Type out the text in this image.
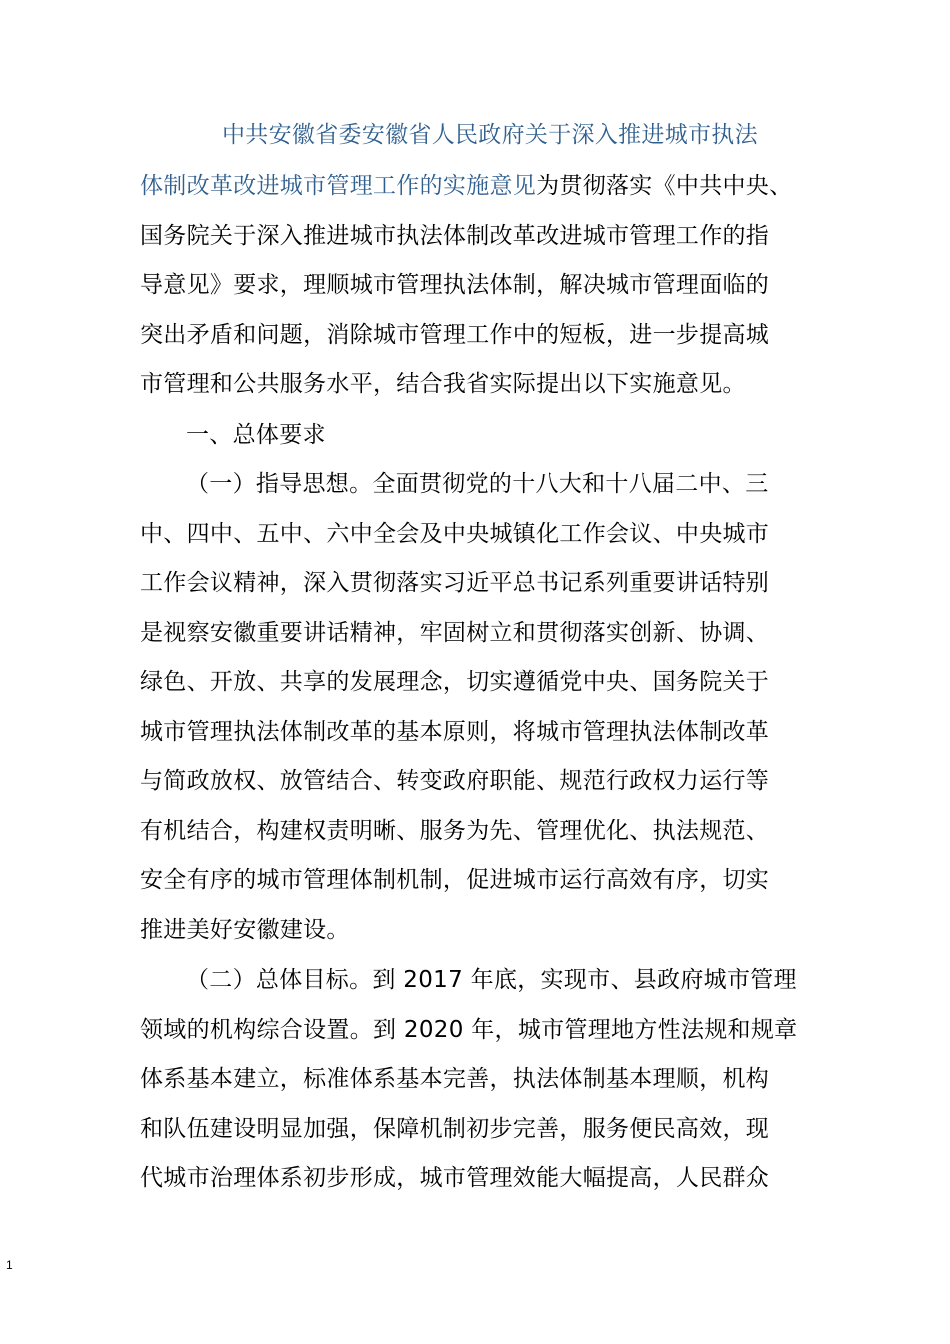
中共安徽省委安徽省人民政府关于深入推进城市执法
体制改革改进城市管理工作的实施意见为贯彻落实《中共中央、
国务院关于深入推进城市执法体制改革改进城市管理工作的指
导意见》要求，理顺城市管理执法体制，解决城市管理面临的
突出矛盾和问题，消除城市管理工作中的短板，进一步提高城
市管理和公共服务水平，结合我省实际提出以下实施意见。
一、总体要求
（一）指导思想。全面贯彻党的十八大和十八届二中、三
中、四中、五中、六中全会及中央城镇化工作会议、中央城市
工作会议精神，深入贯彻落实习近平总书记系列重要讲话特别
是视察安徽重要讲话精神，牢固树立和贯彻落实创新、协调、
绿色、开放、共享的发展理念，切实遵循党中央、国务院关于
城市管理执法体制改革的基本原则，将城市管理执法体制改革
与简政放权、放管结合、转变政府职能、规范行政权力运行等
有机结合，构建权责明晰、服务为先、管理优化、执法规范、
安全有序的城市管理体制机制，促进城市运行高效有序，切实
推进美好安徽建设。
（二）总体目标。到 2017 年底，实现市、县政府城市管理
领域的机构综合设置。到 2020 年，城市管理地方性法规和规章
体系基本建立，标准体系基本完善，执法体制基本理顺，机构
和队伍建设明显加强，保障机制初步完善，服务便民高效，现
代城市治理体系初步形成，城市管理效能大幅提高，人民群众
1
